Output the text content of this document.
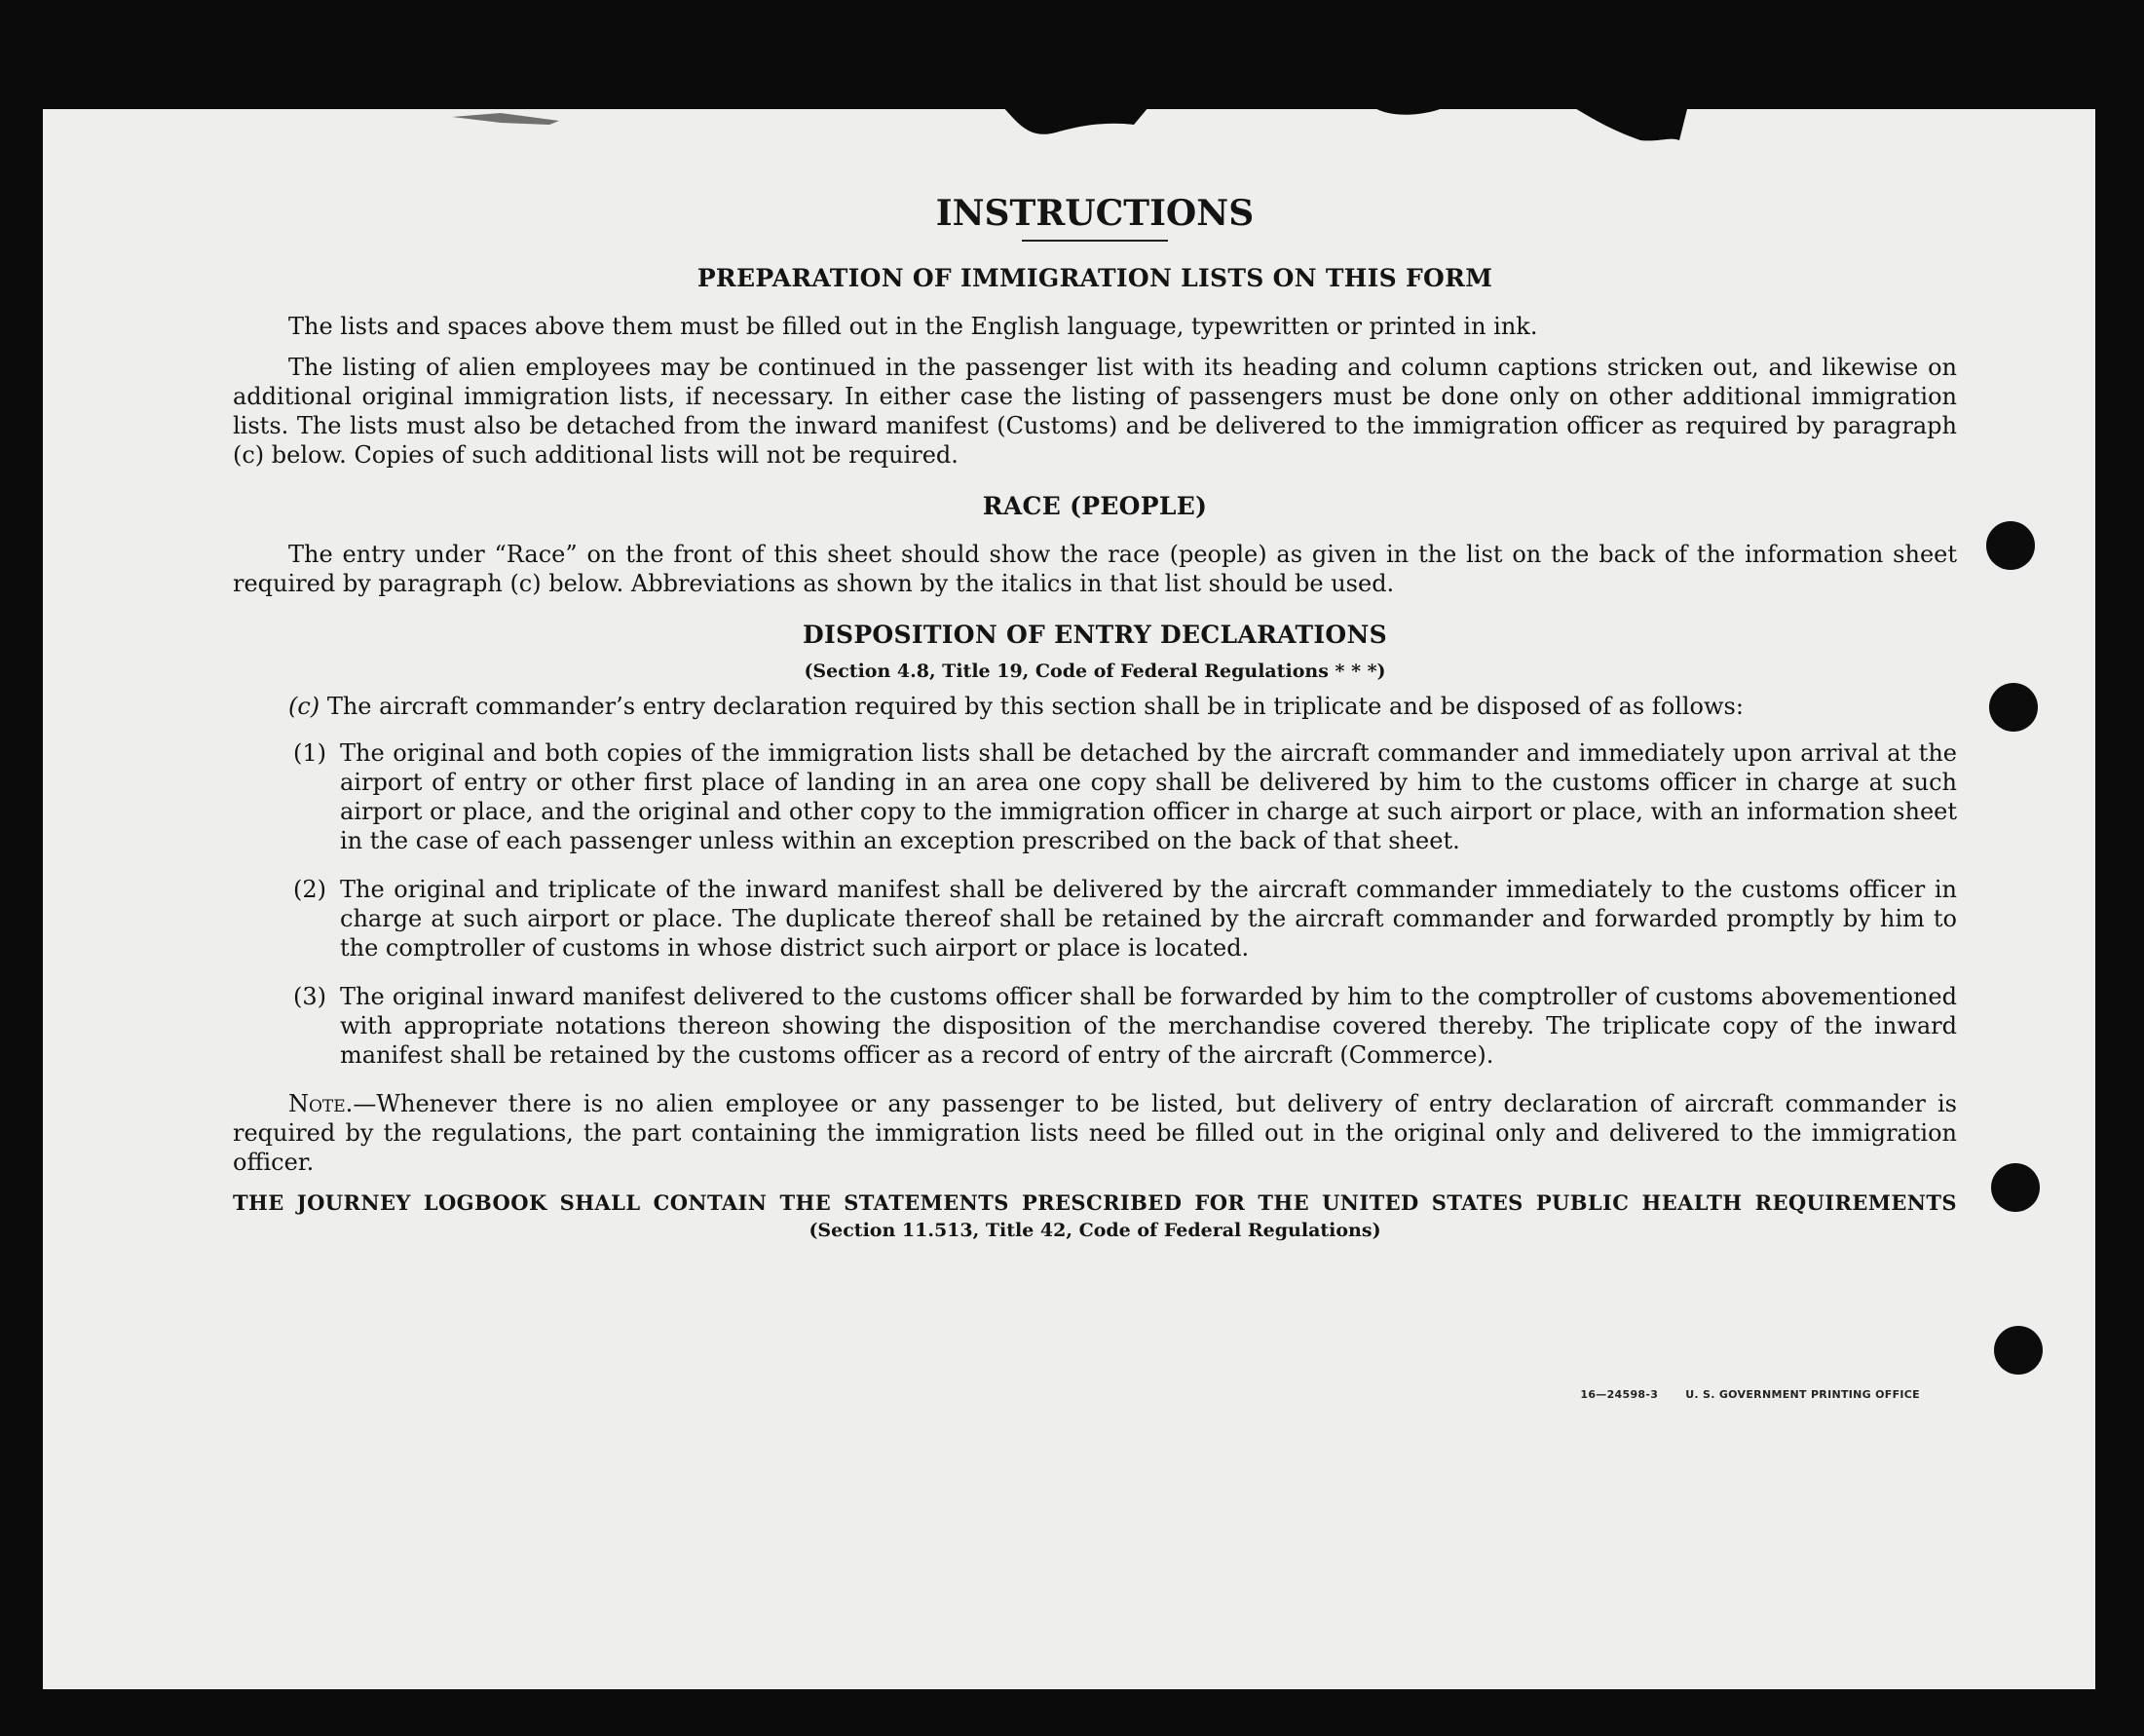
INSTRUCTIONS
PREPARATION OF IMMIGRATION LISTS ON THIS FORM

The lists and spaces above them must be filled out in the English language, typewritten or printed in ink.

The listing of alien employees may be continued in the passenger list with its heading and column captions stricken out, and likewise on additional original immigration lists, if necessary. In either case the listing of passengers must be done only on other additional immigration lists. The lists must also be detached from the inward manifest (Customs) and be delivered to the immigration officer as required by paragraph (c) below. Copies of such additional lists will not be required.

RACE (PEOPLE)

The entry under “Race” on the front of this sheet should show the race (people) as given in the list on the back of the information sheet required by paragraph (c) below. Abbreviations as shown by the italics in that list should be used.

DISPOSITION OF ENTRY DECLARATIONS
(Section 4.8, Title 19, Code of Federal Regulations * * *)

(c) The aircraft commander’s entry declaration required by this section shall be in triplicate and be disposed of as follows:

(1) The original and both copies of the immigration lists shall be detached by the aircraft commander and immediately upon arrival at the airport of entry or other first place of landing in an area one copy shall be delivered by him to the customs officer in charge at such airport or place, and the original and other copy to the immigration officer in charge at such airport or place, with an information sheet in the case of each passenger unless within an exception prescribed on the back of that sheet.

(2) The original and triplicate of the inward manifest shall be delivered by the aircraft commander immediately to the customs officer in charge at such airport or place. The duplicate thereof shall be retained by the aircraft commander and forwarded promptly by him to the comptroller of customs in whose district such airport or place is located.

(3) The original inward manifest delivered to the customs officer shall be forwarded by him to the comptroller of customs abovementioned with appropriate notations thereon showing the disposition of the merchandise covered thereby. The triplicate copy of the inward manifest shall be retained by the customs officer as a record of entry of the aircraft (Commerce).

Note.—Whenever there is no alien employee or any passenger to be listed, but delivery of entry declaration of aircraft commander is required by the regulations, the part containing the immigration lists need be filled out in the original only and delivered to the immigration officer.

THE JOURNEY LOGBOOK SHALL CONTAIN THE STATEMENTS PRESCRIBED FOR THE UNITED STATES PUBLIC HEALTH REQUIREMENTS
(Section 11.513, Title 42, Code of Federal Regulations)
16—24598-3	U. S. GOVERNMENT PRINTING OFFICE
